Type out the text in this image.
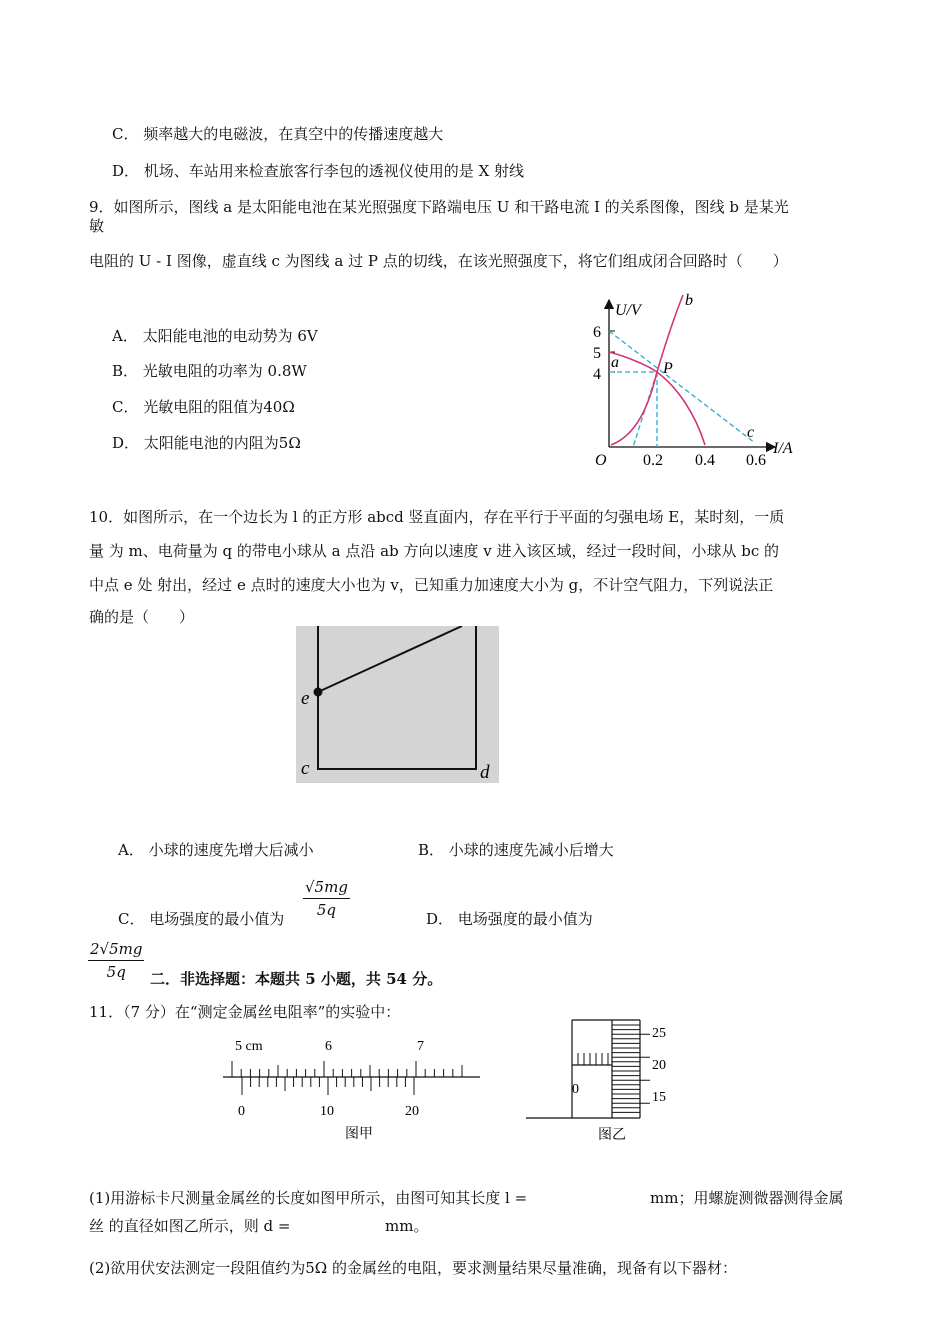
C． 频率越大的电磁波，在真空中的传播速度越大
D． 机场、车站用来检查旅客行李包的透视仪使用的是 X 射线
9．如图所示，图线 a 是太阳能电池在某光照强度下路端电压 U 和干路电流 I 的关系图像，图线 b 是某光
敏
电阻的 U - I 图像，虚直线 c 为图线 a 过 P 点的切线，在该光照强度下，将它们组成闭合回路时（　　）
A． 太阳能电池的电动势为 6V
B． 光敏电阻的功率为 0.8W
C． 光敏电阻的阻值为40Ω
D． 太阳能电池的内阻为5Ω
U/V
I/A
O
6
5
4
0.2 0.4 0.6
a
b
c
P
10．如图所示，在一个边长为 l 的正方形 abcd 竖直面内，存在平行于平面的匀强电场 E，某时刻，一质
量 为 m、电荷量为 q 的带电小球从 a 点沿 ab 方向以速度 v 进入该区域，经过一段时间，小球从 bc 的
中点 e 处 射出，经过 e 点时的速度大小也为 v，已知重力加速度大小为 g，不计空气阻力，下列说法正
确的是（　　）
e
c	d
A． 小球的速度先增大后减小	B． 小球的速度先减小后增大
$\frac{√5mg}{5q}$
C． 电场强度的最小值为	D． 电场强度的最小值为
$\frac{2√5mg}{5q}$ 二．非选择题：本题共 5 小题，共 54 分。
11．（7 分）在“测定金属丝电阻率”的实验中：
5 cm	6	7
0	10	20
图甲
0
25
20
15
图乙
(1)用游标卡尺测量金属丝的长度如图甲所示，由图可知其长度 l =	mm；用螺旋测微器测得金属
丝 的直径如图乙所示，则 d =	mm。
(2)欲用伏安法测定一段阻值约为5Ω 的金属丝的电阻，要求测量结果尽量准确，现备有以下器材：
